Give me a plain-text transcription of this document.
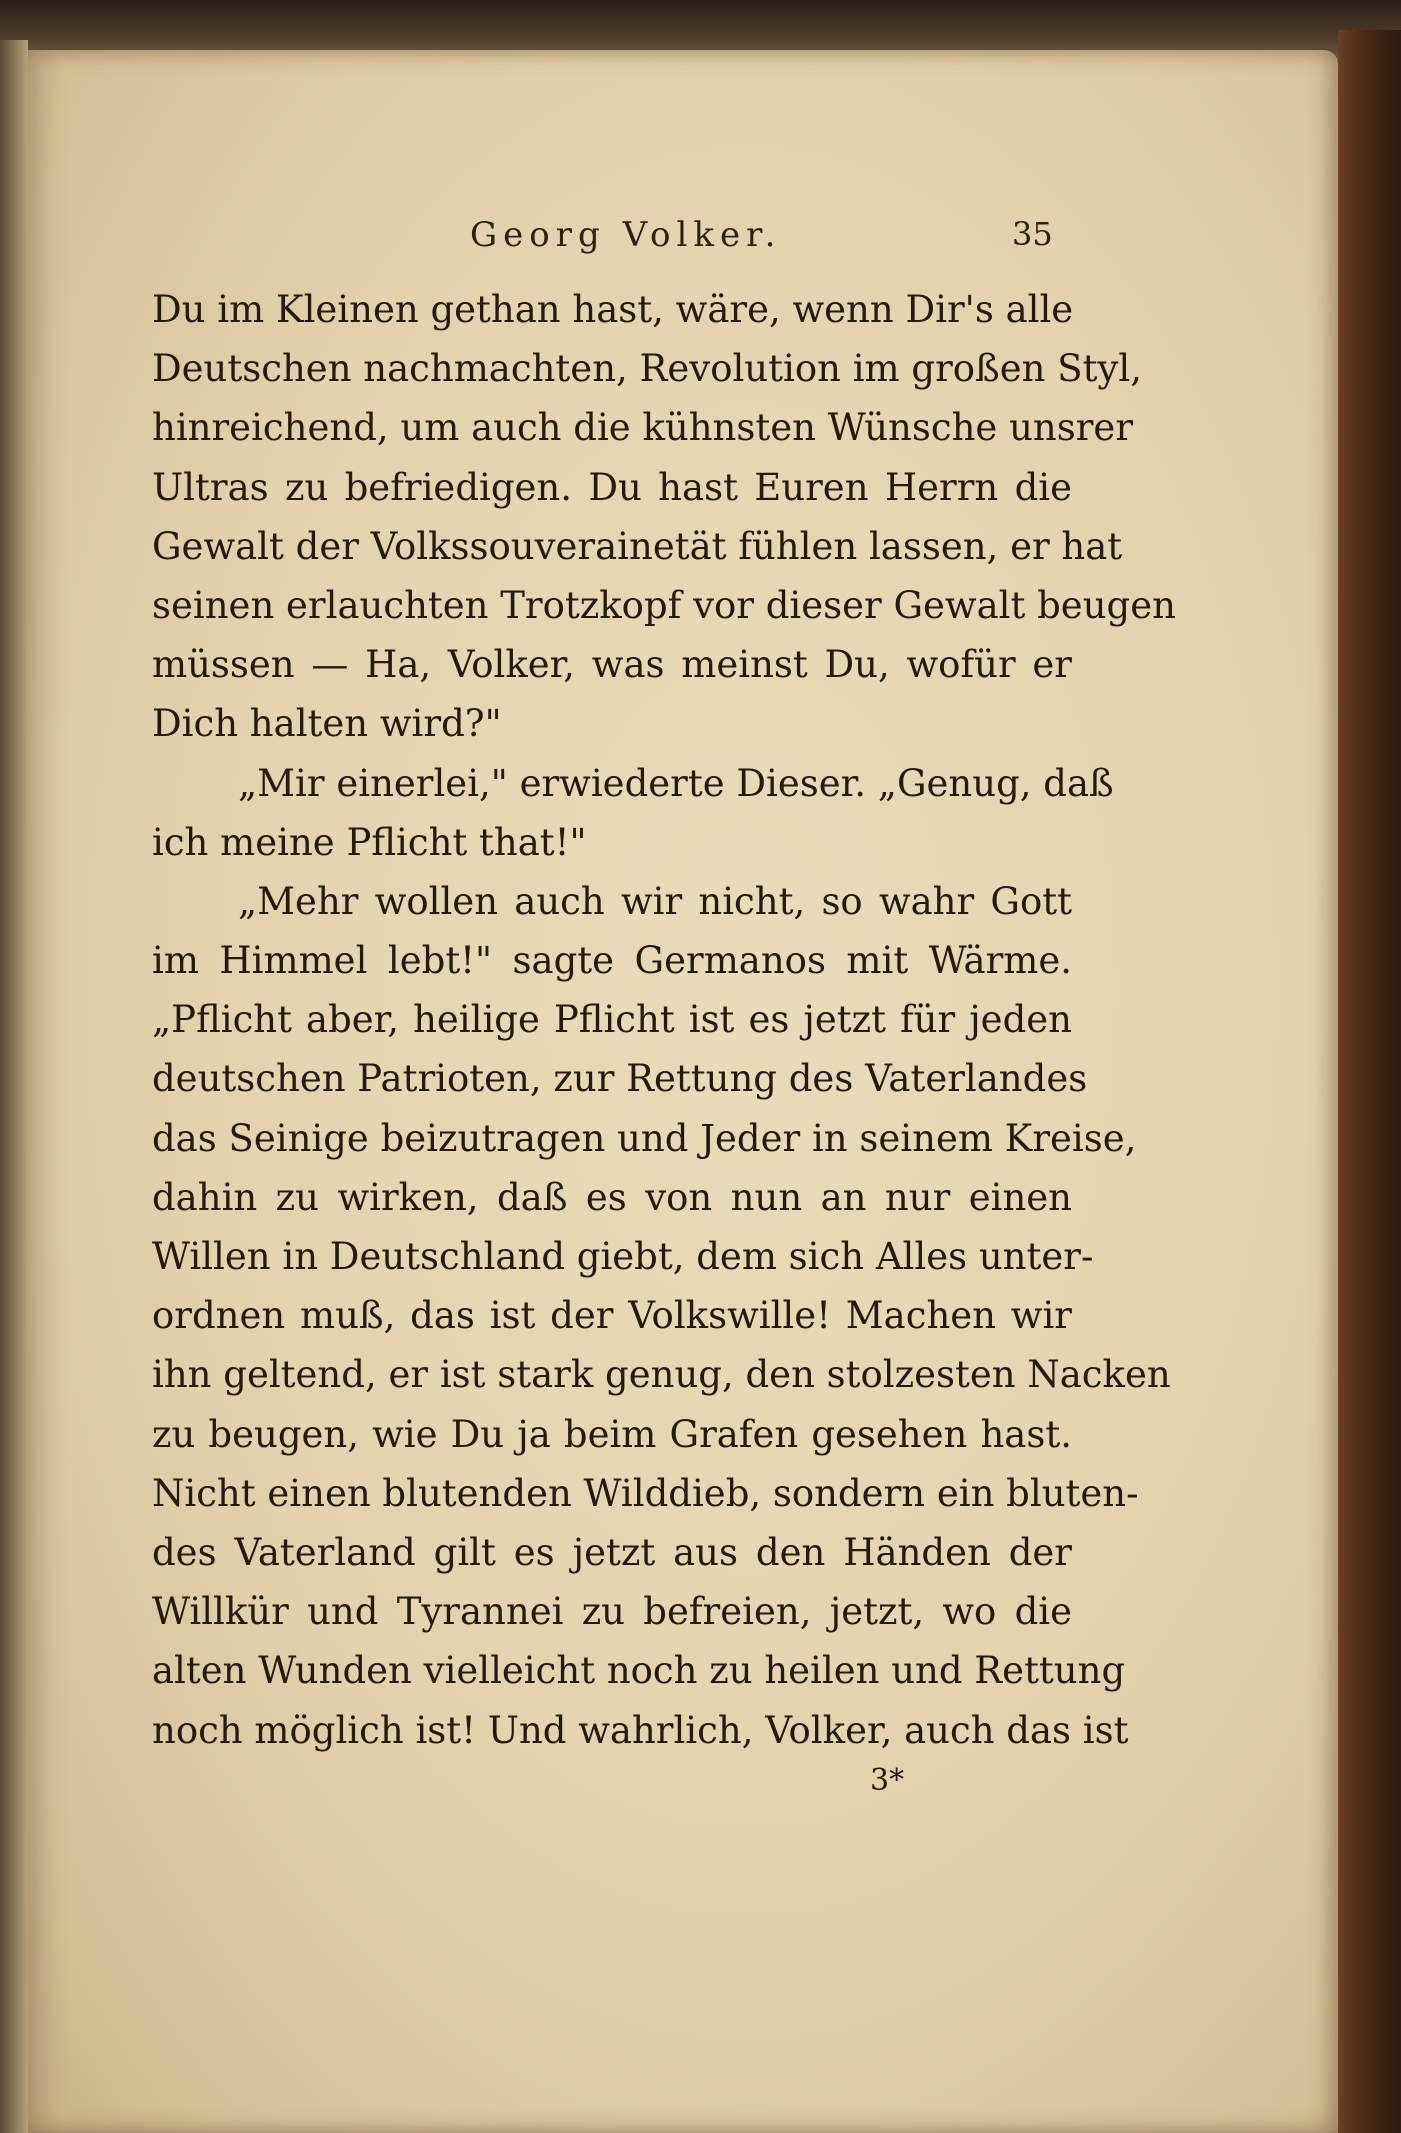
Georg Volker.	35
Du im Kleinen gethan hast, wäre, wenn Dir's alle
Deutschen nachmachten, Revolution im großen Styl,
hinreichend, um auch die kühnsten Wünsche unsrer
Ultras zu befriedigen. Du hast Euren Herrn die
Gewalt der Volkssouverainetät fühlen lassen, er hat
seinen erlauchten Trotzkopf vor dieser Gewalt beugen
müssen — Ha, Volker, was meinst Du, wofür er
Dich halten wird?"
„Mir einerlei," erwiederte Dieser. „Genug, daß
ich meine Pflicht that!"
„Mehr wollen auch wir nicht, so wahr Gott
im Himmel lebt!" sagte Germanos mit Wärme.
„Pflicht aber, heilige Pflicht ist es jetzt für jeden
deutschen Patrioten, zur Rettung des Vaterlandes
das Seinige beizutragen und Jeder in seinem Kreise,
dahin zu wirken, daß es von nun an nur einen
Willen in Deutschland giebt, dem sich Alles unter-
ordnen muß, das ist der Volkswille! Machen wir
ihn geltend, er ist stark genug, den stolzesten Nacken
zu beugen, wie Du ja beim Grafen gesehen hast.
Nicht einen blutenden Wilddieb, sondern ein bluten-
des Vaterland gilt es jetzt aus den Händen der
Willkür und Tyrannei zu befreien, jetzt, wo die
alten Wunden vielleicht noch zu heilen und Rettung
noch möglich ist! Und wahrlich, Volker, auch das ist
3*
